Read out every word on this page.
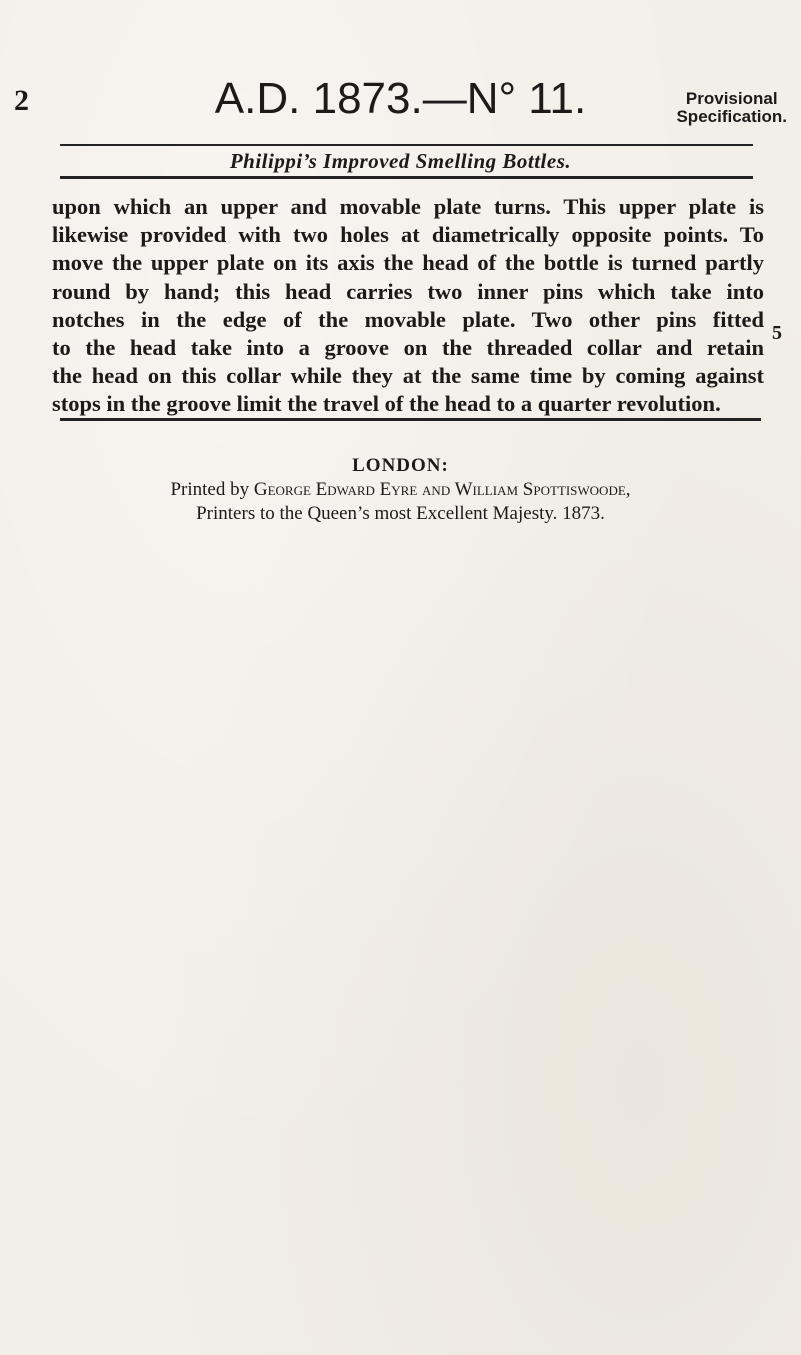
2	A.D. 1873.—N° 11.	Provisional
Specification.
Philippi’s Improved Smelling Bottles.
upon which an upper and movable plate turns. This upper plate is
likewise provided with two holes at diametrically opposite points. To
move the upper plate on its axis the head of the bottle is turned partly
round by hand; this head carries two inner pins which take into
notches in the edge of the movable plate. Two other pins fitted
to the head take into a groove on the threaded collar and retain
the head on this collar while they at the same time by coming against
stops in the groove limit the travel of the head to a quarter revolution.
5
LONDON:
Printed by George Edward Eyre and William Spottiswoode,
Printers to the Queen’s most Excellent Majesty. 1873.
